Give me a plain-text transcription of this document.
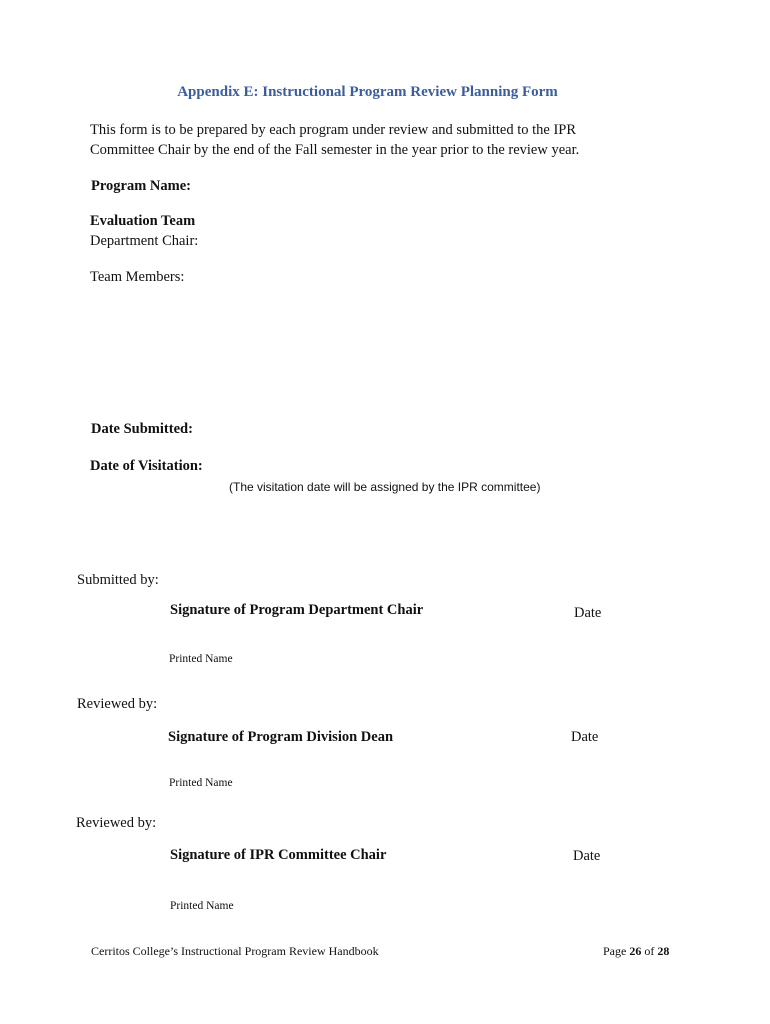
Appendix E: Instructional Program Review Planning Form
This form is to be prepared by each program under review and submitted to the IPR
Committee Chair by the end of the Fall semester in the year prior to the review year.
Program Name:
Evaluation Team
Department Chair:
Team Members:
Date Submitted:
Date of Visitation:
(The visitation date will be assigned by the IPR committee)
Submitted by:
Signature of Program Department Chair	Date
Printed Name
Reviewed by:
Signature of Program Division Dean	Date
Printed Name
Reviewed by:
Signature of IPR Committee Chair	Date
Printed Name
Cerritos College’s Instructional Program Review Handbook	Page 26 of 28
